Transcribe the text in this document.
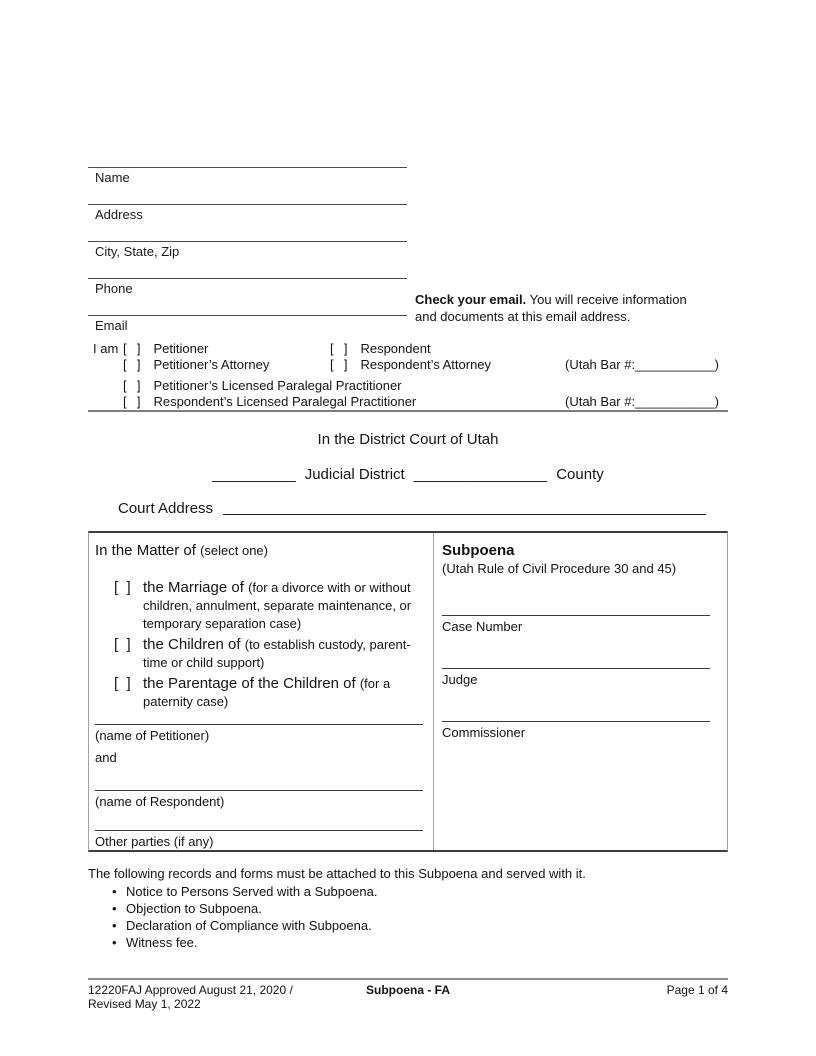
Name
Address
City, State, Zip
Phone
Email
Check your email. You will receive information and documents at this email address.
I am [  ] Petitioner	[  ] Respondent
[  ] Petitioner’s Attorney	[  ] Respondent’s Attorney	(Utah Bar #:___________)
[  ] Petitioner’s Licensed Paralegal Practitioner
[  ] Respondent’s Licensed Paralegal Practitioner	(Utah Bar #:___________)
In the District Court of Utah
__________ Judicial District ________________ County
Court Address
In the Matter of (select one)
[  ] the Marriage of (for a divorce with or without children, annulment, separate maintenance, or temporary separation case)
[  ] the Children of (to establish custody, parent-time or child support)
[  ] the Parentage of the Children of (for a paternity case)
(name of Petitioner)
and
(name of Respondent)
Other parties (if any)
Subpoena
(Utah Rule of Civil Procedure 30 and 45)
Case Number
Judge
Commissioner
The following records and forms must be attached to this Subpoena and served with it.
• Notice to Persons Served with a Subpoena.
• Objection to Subpoena.
• Declaration of Compliance with Subpoena.
• Witness fee.
12220FAJ Approved August 21, 2020 /
Revised May 1, 2022
Subpoena - FA	Page 1 of 4
